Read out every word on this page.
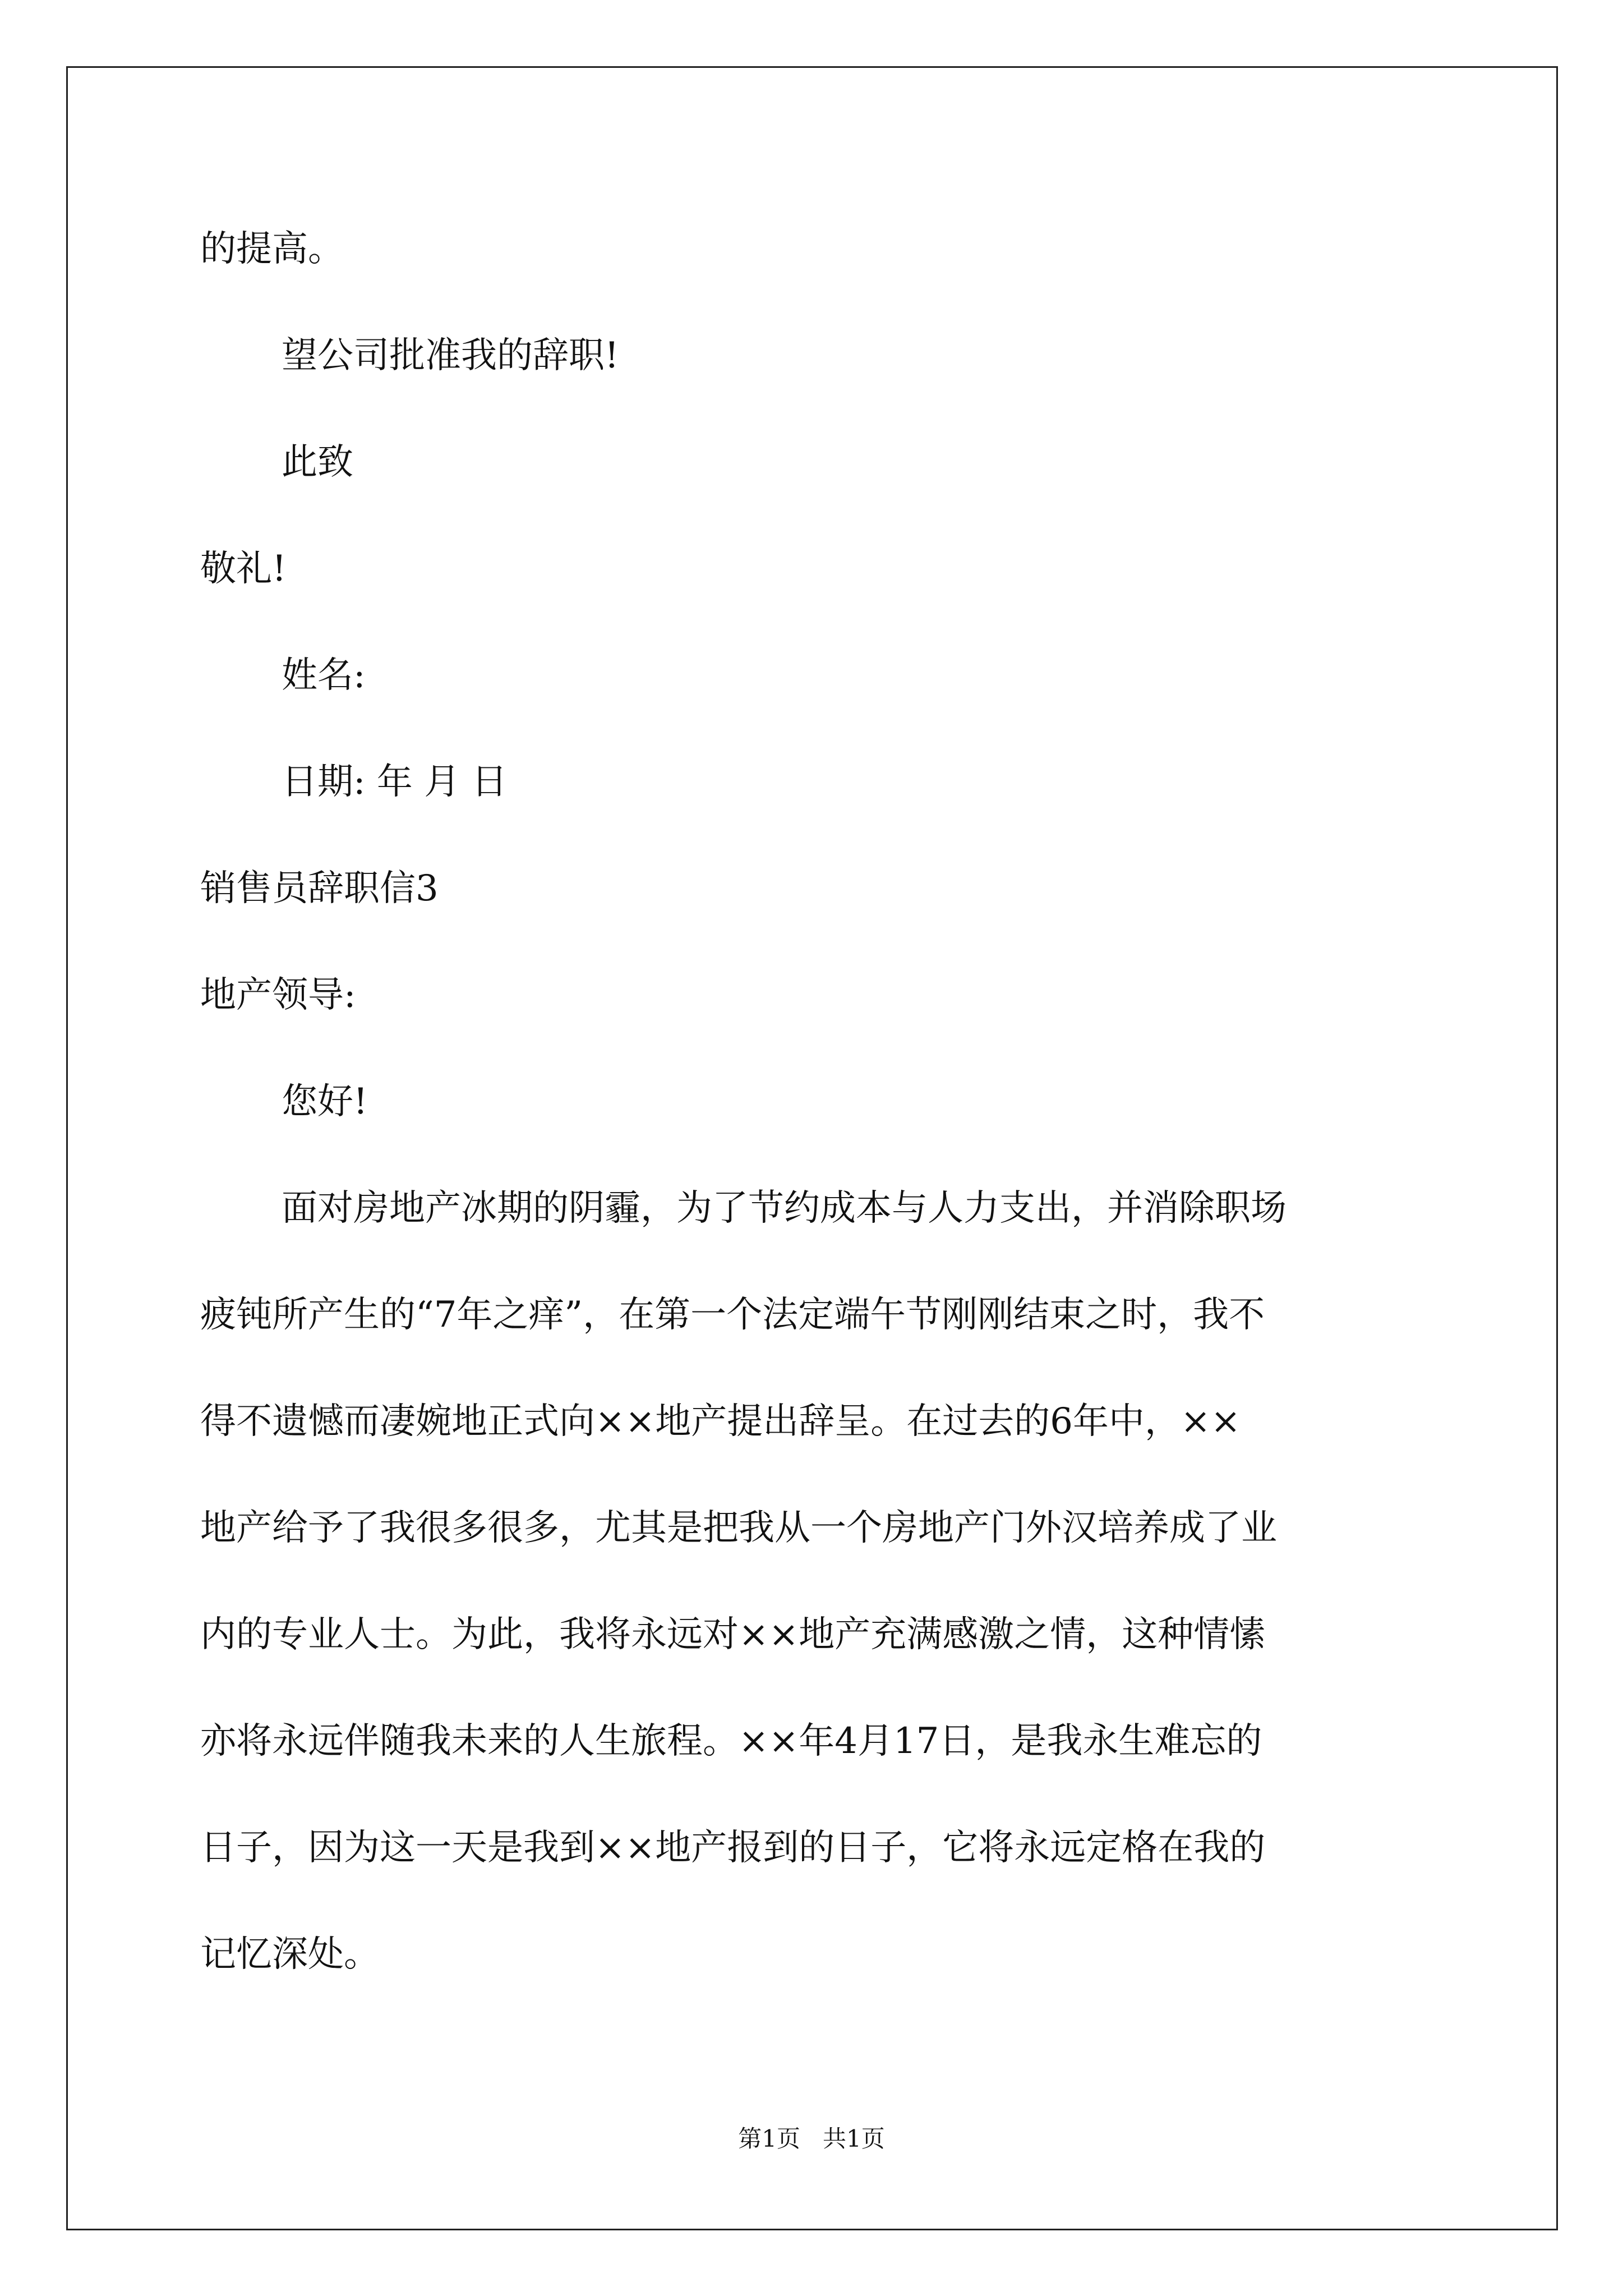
的提高。

望公司批准我的辞职!

此致

敬礼!

姓名:

日期: 年 月 日

销售员辞职信3

地产领导:

您好!

面对房地产冰期的阴霾，为了节约成本与人力支出，并消除职场

疲钝所产生的“7年之痒”，在第一个法定端午节刚刚结束之时，我不

得不遗憾而凄婉地正式向××地产提出辞呈。在过去的6年中，××

地产给予了我很多很多，尤其是把我从一个房地产门外汉培养成了业

内的专业人士。为此，我将永远对××地产充满感激之情，这种情愫

亦将永远伴随我未来的人生旅程。××年4月17日，是我永生难忘的

日子，因为这一天是我到××地产报到的日子，它将永远定格在我的

记忆深处。

第1页   共1页
